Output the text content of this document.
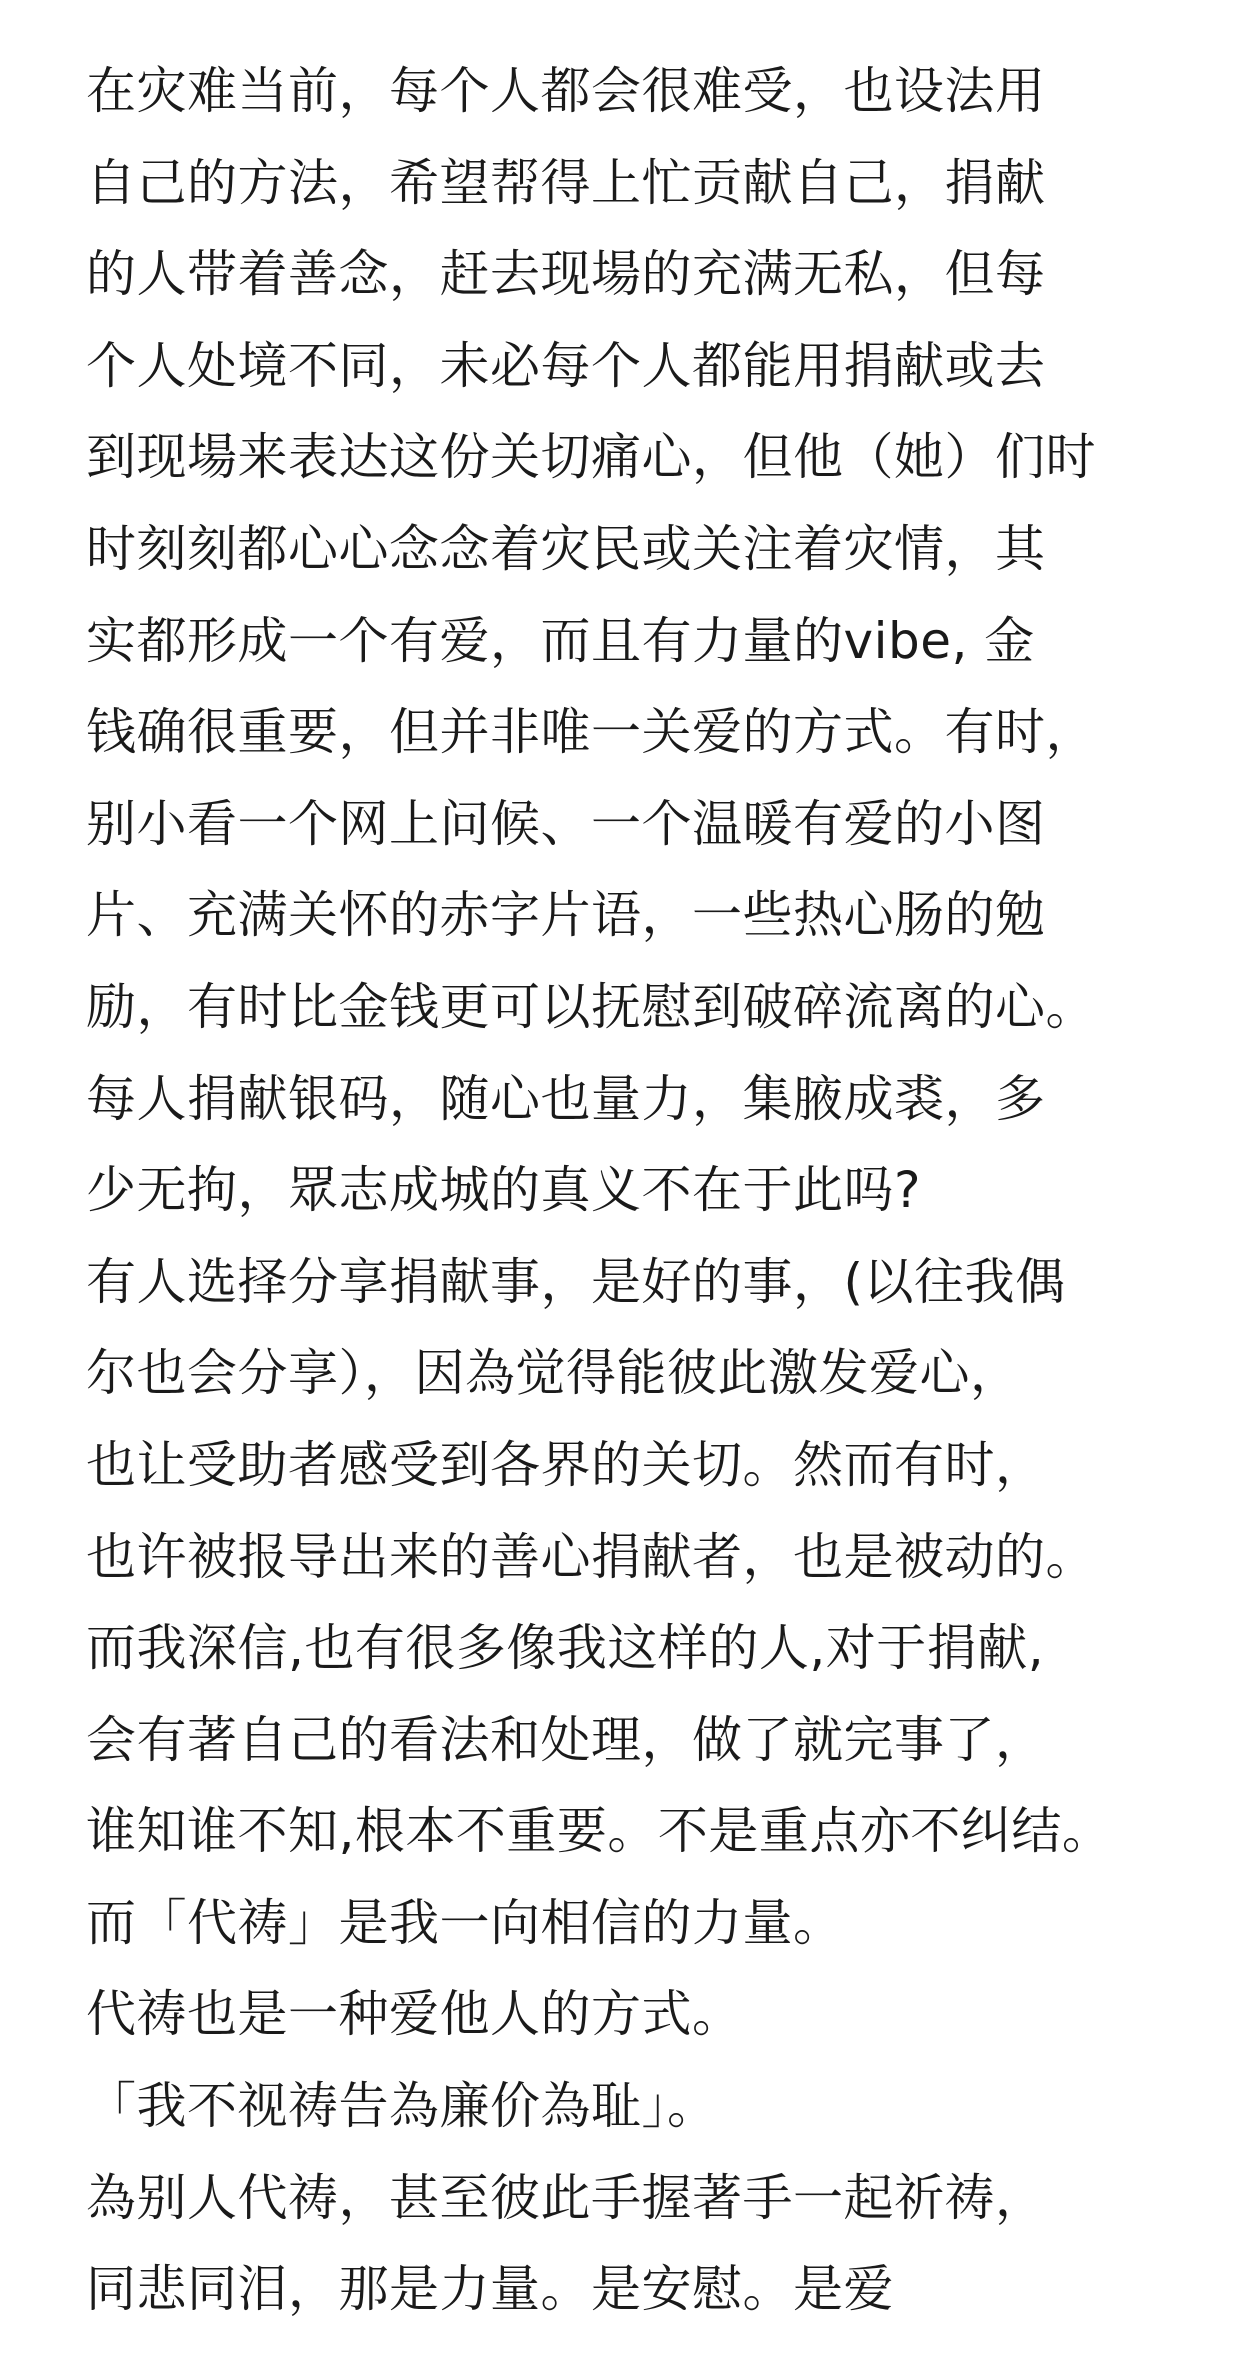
在灾难当前，每个人都会很难受，也设法用
自己的方法，希望帮得上忙贡献自己，捐献
的人带着善念，赶去现場的充满无私，但每
个人处境不同，未必每个人都能用捐献或去
到现場来表达这份关切痛心，但他（她）们时
时刻刻都心心念念着灾民或关注着灾情，其
实都形成一个有爱，而且有力量的vibe, 金
钱确很重要，但并非唯一关爱的方式。有时，
别小看一个网上问候、一个温暖有爱的小图
片、充满关怀的赤字片语，一些热心肠的勉
励，有时比金钱更可以抚慰到破碎流离的心。
每人捐献银码，随心也量力，集腋成裘，多
少无拘，眾志成城的真义不在于此吗?
有人选择分享捐献事，是好的事，(以往我偶
尔也会分享），因為觉得能彼此激发爱心，
也让受助者感受到各界的关切。然而有时，
也许被报导出来的善心捐献者，也是被动的。
而我深信,也有很多像我这样的人,对于捐献,
会有著自己的看法和处理，做了就完事了，
谁知谁不知,根本不重要。不是重点亦不纠结。
而「代祷」是我一向相信的力量。
代祷也是一种爱他人的方式。
「我不视祷告為廉价為耻」。
為别人代祷，甚至彼此手握著手一起祈祷，
同悲同泪，那是力量。是安慰。是爱
